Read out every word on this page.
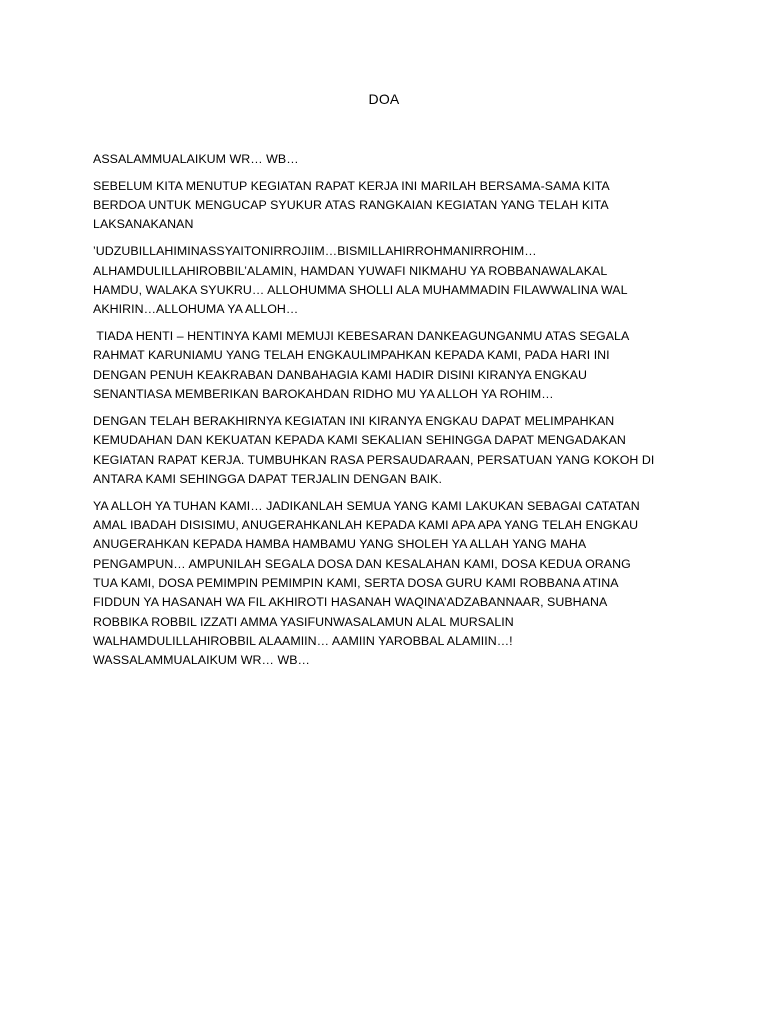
DOA

ASSALAMMUALAIKUM WR… WB…

SEBELUM KITA MENUTUP KEGIATAN RAPAT KERJA INI MARILAH BERSAMA-SAMA KITA
BERDOA UNTUK MENGUCAP SYUKUR ATAS RANGKAIAN KEGIATAN YANG TELAH KITA
LAKSANAKANAN

’UDZUBILLAHIMINASSYAITONIRROJIIM…BISMILLAHIRROHMANIRROHIM…
ALHAMDULILLAHIROBBIL’ALAMIN, HAMDAN YUWAFI NIKMAHU YA ROBBANAWALAKAL
HAMDU, WALAKA SYUKRU… ALLOHUMMA SHOLLI ALA MUHAMMADIN FILAWWALINA WAL
AKHIRIN…ALLOHUMA YA ALLOH…

TIADA HENTI – HENTINYA KAMI MEMUJI KEBESARAN DANKEAGUNGANMU ATAS SEGALA
RAHMAT KARUNIAMU YANG TELAH ENGKAULIMPAHKAN KEPADA KAMI, PADA HARI INI
DENGAN PENUH KEAKRABAN DANBAHAGIA KAMI HADIR DISINI KIRANYA ENGKAU
SENANTIASA MEMBERIKAN BAROKAHDAN RIDHO MU YA ALLOH YA ROHIM…

DENGAN TELAH BERAKHIRNYA KEGIATAN INI KIRANYA ENGKAU DAPAT MELIMPAHKAN
KEMUDAHAN DAN KEKUATAN KEPADA KAMI SEKALIAN SEHINGGA DAPAT MENGADAKAN
KEGIATAN RAPAT KERJA. TUMBUHKAN RASA PERSAUDARAAN, PERSATUAN YANG KOKOH DI
ANTARA KAMI SEHINGGA DAPAT TERJALIN DENGAN BAIK.

YA ALLOH YA TUHAN KAMI… JADIKANLAH SEMUA YANG KAMI LAKUKAN SEBAGAI CATATAN
AMAL IBADAH DISISIMU, ANUGERAHKANLAH KEPADA KAMI APA APA YANG TELAH ENGKAU
ANUGERAHKAN KEPADA HAMBA HAMBAMU YANG SHOLEH YA ALLAH YANG MAHA
PENGAMPUN… AMPUNILAH SEGALA DOSA DAN KESALAHAN KAMI, DOSA KEDUA ORANG
TUA KAMI, DOSA PEMIMPIN PEMIMPIN KAMI, SERTA DOSA GURU KAMI ROBBANA ATINA
FIDDUN YA HASANAH WA FIL AKHIROTI HASANAH WAQINA’ADZABANNAAR, SUBHANA
ROBBIKA ROBBIL IZZATI AMMA YASIFUNWASALAMUN ALAL MURSALIN
WALHAMDULILLAHIROBBIL ALAAMIIN… AAMIIN YAROBBAL ALAMIIN…!
WASSALAMMUALAIKUM WR… WB…
